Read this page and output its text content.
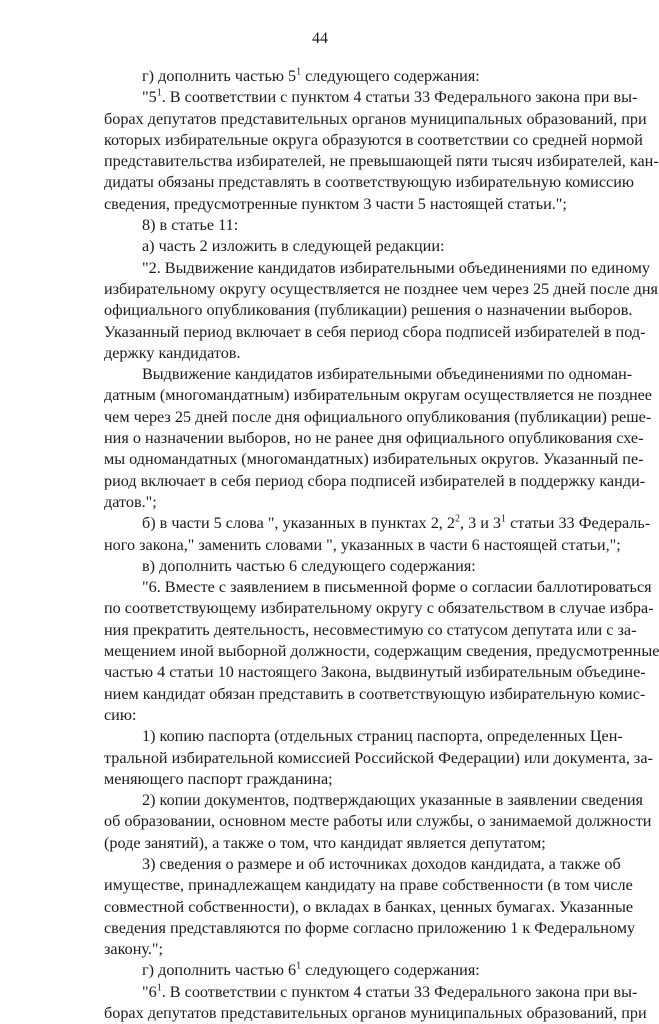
44
г) дополнить частью $5^1$ следующего содержания:
"$5^1$. В соответствии с пунктом 4 статьи 33 Федерального закона при вы-
борах депутатов представительных органов муниципальных образований, при
которых избирательные округа образуются в соответствии со средней нормой
представительства избирателей, не превышающей пяти тысяч избирателей, кан-
дидаты обязаны представлять в соответствующую избирательную комиссию
сведения, предусмотренные пунктом 3 части 5 настоящей статьи.";
8) в статье 11:
а) часть 2 изложить в следующей редакции:
"2. Выдвижение кандидатов избирательными объединениями по единому
избирательному округу осуществляется не позднее чем через 25 дней после дня
официального опубликования (публикации) решения о назначении выборов.
Указанный период включает в себя период сбора подписей избирателей в под-
держку кандидатов.
Выдвижение кандидатов избирательными объединениями по одноман-
датным (многомандатным) избирательным округам осуществляется не позднее
чем через 25 дней после дня официального опубликования (публикации) реше-
ния о назначении выборов, но не ранее дня официального опубликования схе-
мы одномандатных (многомандатных) избирательных округов. Указанный пе-
риод включает в себя период сбора подписей избирателей в поддержку канди-
датов.";
б) в части 5 слова ", указанных в пунктах 2, $2^2$, 3 и $3^1$ статьи 33 Федераль-
ного закона," заменить словами ", указанных в части 6 настоящей статьи,";
в) дополнить частью 6 следующего содержания:
"6. Вместе с заявлением в письменной форме о согласии баллотироваться
по соответствующему избирательному округу с обязательством в случае избра-
ния прекратить деятельность, несовместимую со статусом депутата или с за-
мещением иной выборной должности, содержащим сведения, предусмотренные
частью 4 статьи 10 настоящего Закона, выдвинутый избирательным объедине-
нием кандидат обязан представить в соответствующую избирательную комис-
сию:
1) копию паспорта (отдельных страниц паспорта, определенных Цен-
тральной избирательной комиссией Российской Федерации) или документа, за-
меняющего паспорт гражданина;
2) копии документов, подтверждающих указанные в заявлении сведения
об образовании, основном месте работы или службы, о занимаемой должности
(роде занятий), а также о том, что кандидат является депутатом;
3) сведения о размере и об источниках доходов кандидата, а также об
имуществе, принадлежащем кандидату на праве собственности (в том числе
совместной собственности), о вкладах в банках, ценных бумагах. Указанные
сведения представляются по форме согласно приложению 1 к Федеральному
закону.";
г) дополнить частью $6^1$ следующего содержания:
"$6^1$. В соответствии с пунктом 4 статьи 33 Федерального закона при вы-
борах депутатов представительных органов муниципальных образований, при
